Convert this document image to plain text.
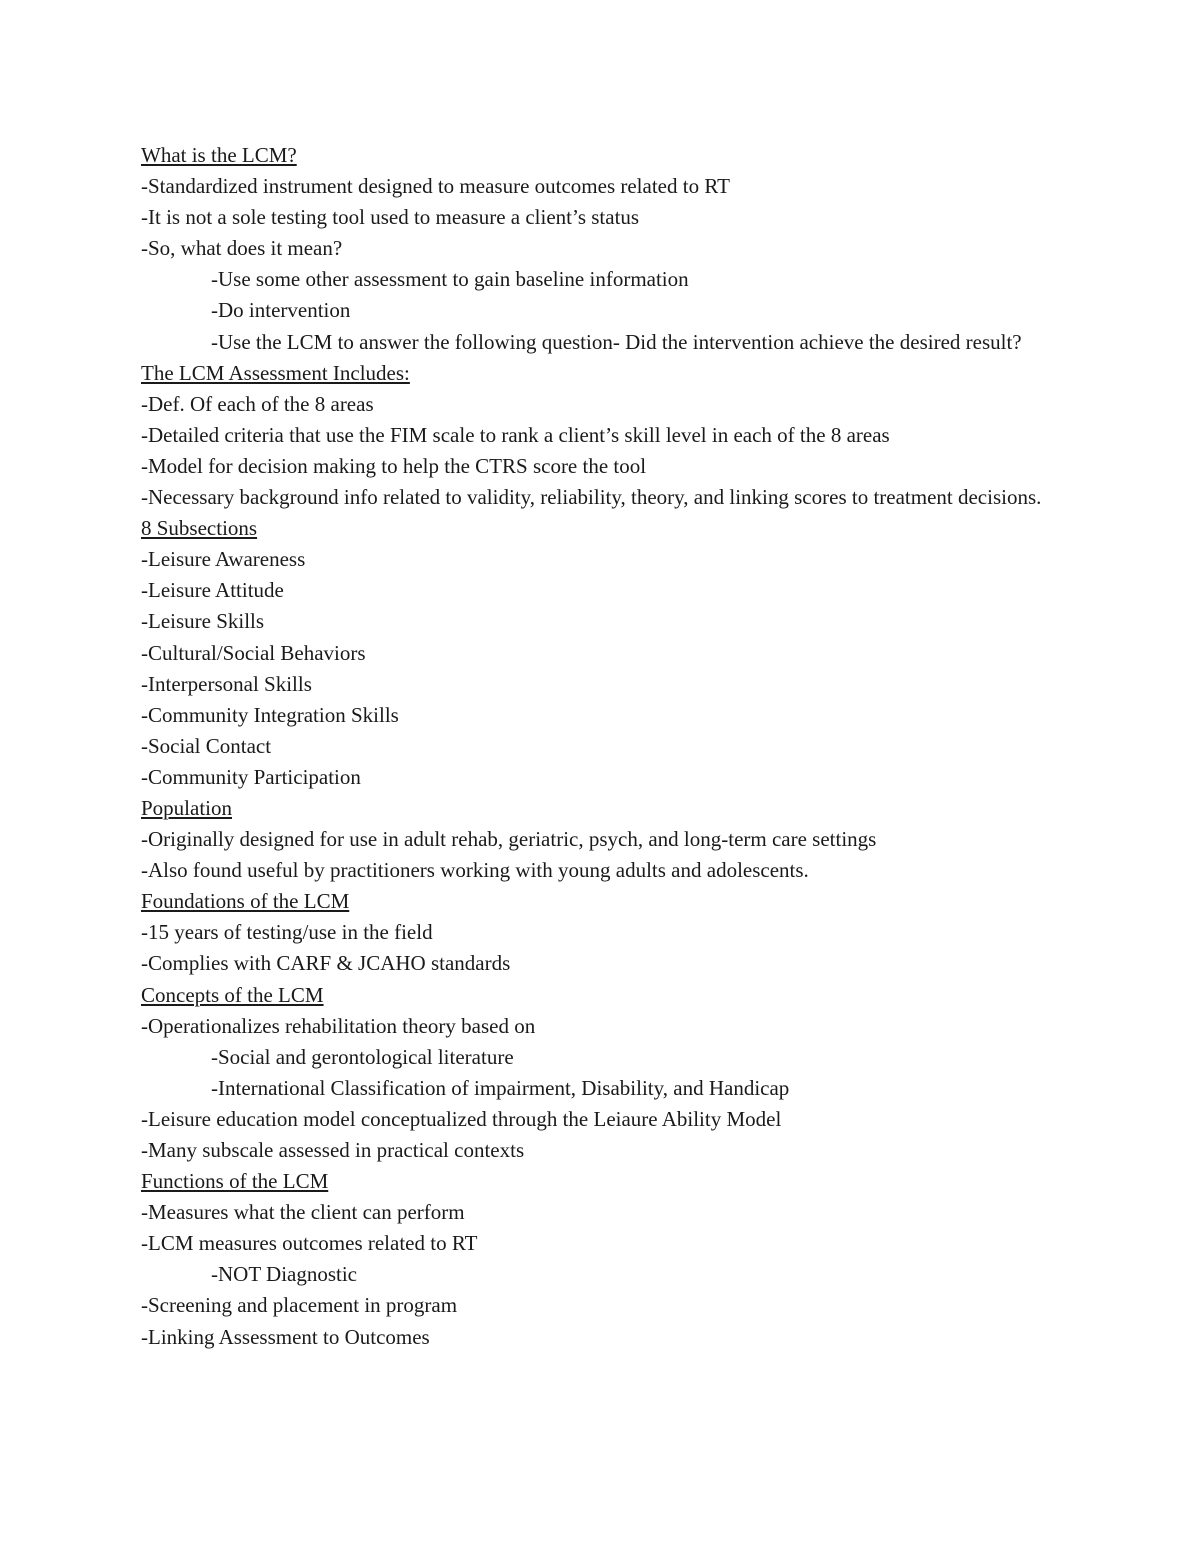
What is the LCM?

-Standardized instrument designed to measure outcomes related to RT

-It is not a sole testing tool used to measure a client’s status

-So, what does it mean?

-Use some other assessment to gain baseline information

-Do intervention

-Use the LCM to answer the following question- Did the intervention achieve the desired result?

The LCM Assessment Includes:

-Def. Of each of the 8 areas

-Detailed criteria that use the FIM scale to rank a client’s skill level in each of the 8 areas

-Model for decision making to help the CTRS score the tool

-Necessary background info related to validity, reliability, theory, and linking scores to treatment decisions.

8 Subsections

-Leisure Awareness

-Leisure Attitude

-Leisure Skills

-Cultural/Social Behaviors

-Interpersonal Skills

-Community Integration Skills

-Social Contact

-Community Participation

Population

-Originally designed for use in adult rehab, geriatric, psych, and long-term care settings

-Also found useful by practitioners working with young adults and adolescents.

Foundations of the LCM

-15 years of testing/use in the field

-Complies with CARF & JCAHO standards

Concepts of the LCM

-Operationalizes rehabilitation theory based on

-Social and gerontological literature

-International Classification of impairment, Disability, and Handicap

-Leisure education model conceptualized through the Leiaure Ability Model

-Many subscale assessed in practical contexts

Functions of the LCM

-Measures what the client can perform

-LCM measures outcomes related to RT

-NOT Diagnostic

-Screening and placement in program

-Linking Assessment to Outcomes
